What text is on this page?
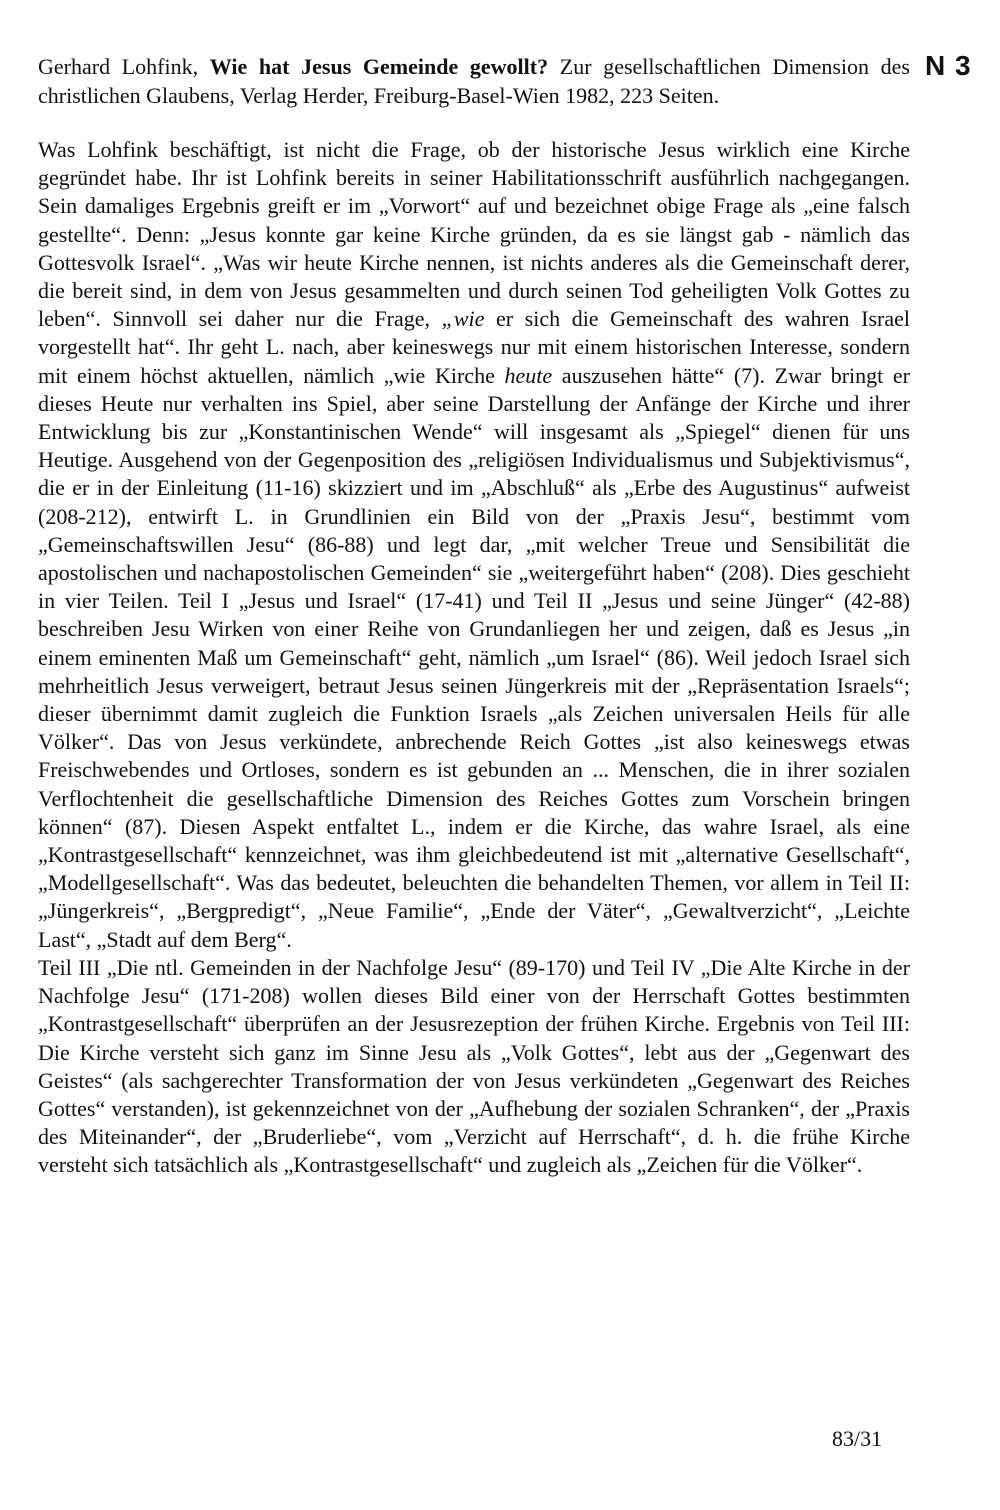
N 3

Gerhard Lohfink, Wie hat Jesus Gemeinde gewollt? Zur gesellschaftlichen Dimension des christlichen Glaubens, Verlag Herder, Freiburg-Basel-Wien 1982, 223 Seiten.

Was Lohfink beschäftigt, ist nicht die Frage, ob der historische Jesus wirklich eine Kirche gegründet habe. Ihr ist Lohfink bereits in seiner Habilitationsschrift ausführlich nachgegangen. Sein damaliges Ergebnis greift er im „Vorwort“ auf und bezeichnet obige Frage als „eine falsch gestellte“. Denn: „Jesus konnte gar keine Kirche gründen, da es sie längst gab - nämlich das Gottesvolk Israel“. „Was wir heute Kirche nennen, ist nichts anderes als die Gemeinschaft derer, die bereit sind, in dem von Jesus gesammelten und durch seinen Tod geheiligten Volk Gottes zu leben“. Sinnvoll sei daher nur die Frage, „wie er sich die Gemeinschaft des wahren Israel vorgestellt hat“. Ihr geht L. nach, aber keineswegs nur mit einem historischen Interesse, sondern mit einem höchst aktuellen, nämlich „wie Kirche heute auszusehen hätte“ (7). Zwar bringt er dieses Heute nur verhalten ins Spiel, aber seine Darstellung der Anfänge der Kirche und ihrer Entwicklung bis zur „Konstantinischen Wende“ will insgesamt als „Spiegel“ dienen für uns Heutige. Ausgehend von der Gegenposition des „religiösen Individualismus und Subjektivismus“, die er in der Einleitung (11-16) skizziert und im „Abschluß“ als „Erbe des Augustinus“ aufweist (208-212), entwirft L. in Grundlinien ein Bild von der „Praxis Jesu“, bestimmt vom „Gemeinschaftswillen Jesu“ (86-88) und legt dar, „mit welcher Treue und Sensibilität die apostolischen und nachapostolischen Gemeinden“ sie „weitergeführt haben“ (208). Dies geschieht in vier Teilen. Teil I „Jesus und Israel“ (17-41) und Teil II „Jesus und seine Jünger“ (42-88) beschreiben Jesu Wirken von einer Reihe von Grundanliegen her und zeigen, daß es Jesus „in einem eminenten Maß um Gemeinschaft“ geht, nämlich „um Israel“ (86). Weil jedoch Israel sich mehrheitlich Jesus verweigert, betraut Jesus seinen Jüngerkreis mit der „Repräsentation Israels“; dieser übernimmt damit zugleich die Funktion Israels „als Zeichen universalen Heils für alle Völker“. Das von Jesus verkündete, anbrechende Reich Gottes „ist also keineswegs etwas Freischwebendes und Ortloses, sondern es ist gebunden an ... Menschen, die in ihrer sozialen Verflochtenheit die gesellschaftliche Dimension des Reiches Gottes zum Vorschein bringen können“ (87). Diesen Aspekt entfaltet L., indem er die Kirche, das wahre Israel, als eine „Kontrastgesellschaft“ kennzeichnet, was ihm gleichbedeutend ist mit „alternative Gesellschaft“, „Modellgesellschaft“. Was das bedeutet, beleuchten die behandelten Themen, vor allem in Teil II: „Jüngerkreis“, „Bergpredigt“, „Neue Familie“, „Ende der Väter“, „Gewaltverzicht“, „Leichte Last“, „Stadt auf dem Berg“.

Teil III „Die ntl. Gemeinden in der Nachfolge Jesu“ (89-170) und Teil IV „Die Alte Kirche in der Nachfolge Jesu“ (171-208) wollen dieses Bild einer von der Herrschaft Gottes bestimmten „Kontrastgesellschaft“ überprüfen an der Jesusrezeption der frühen Kirche. Ergebnis von Teil III: Die Kirche versteht sich ganz im Sinne Jesu als „Volk Gottes“, lebt aus der „Gegenwart des Geistes“ (als sachgerechter Transformation der von Jesus verkündeten „Gegenwart des Reiches Gottes“ verstanden), ist gekennzeichnet von der „Aufhebung der sozialen Schranken“, der „Praxis des Miteinander“, der „Bruderliebe“, vom „Verzicht auf Herrschaft“, d. h. die frühe Kirche versteht sich tatsächlich als „Kontrastgesellschaft“ und zugleich als „Zeichen für die Völker“.

83/31
